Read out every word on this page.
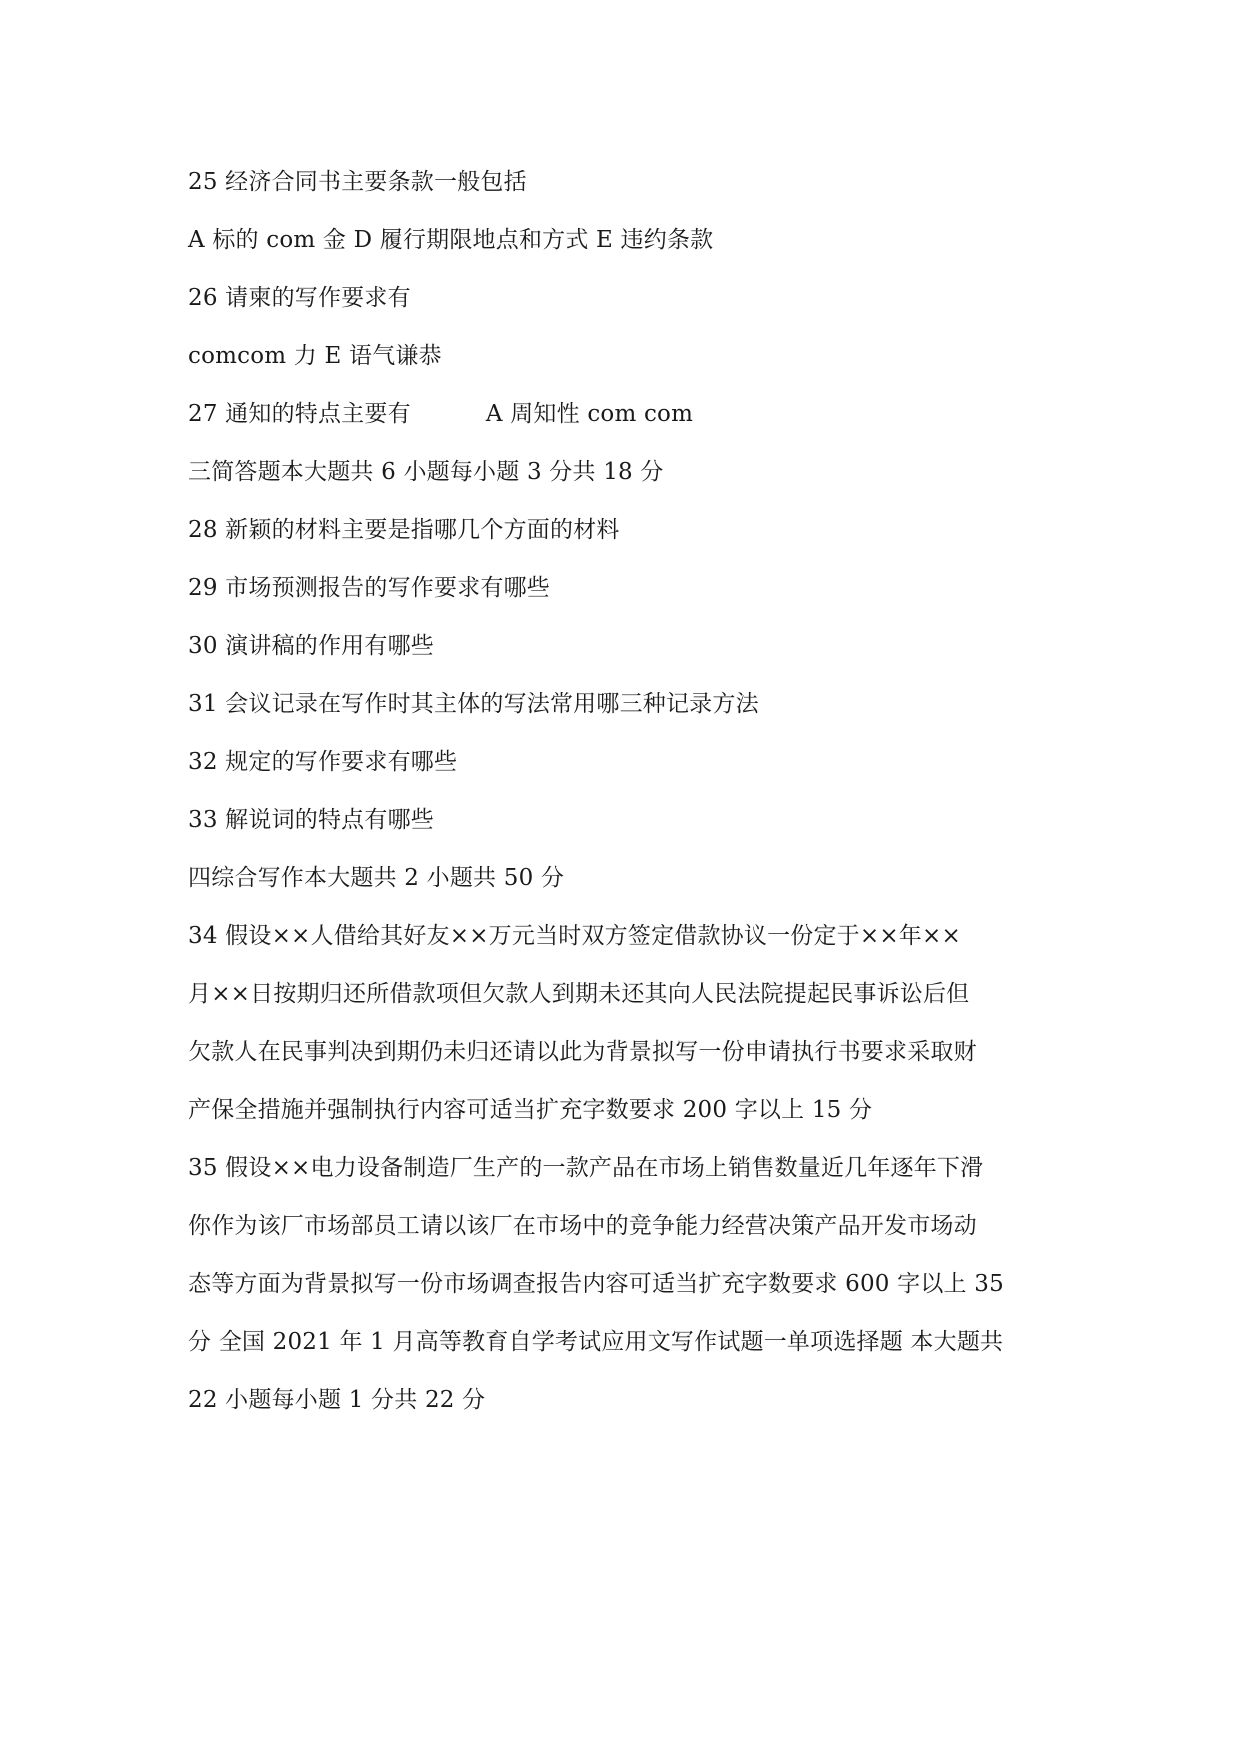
25 经济合同书主要条款一般包括
A 标的 com 金 D 履行期限地点和方式 E 违约条款
26 请柬的写作要求有
comcom 力 E 语气谦恭
27 通知的特点主要有          A 周知性 com com
三简答题本大题共 6 小题每小题 3 分共 18 分
28 新颖的材料主要是指哪几个方面的材料
29 市场预测报告的写作要求有哪些
30 演讲稿的作用有哪些
31 会议记录在写作时其主体的写法常用哪三种记录方法
32 规定的写作要求有哪些
33 解说词的特点有哪些
四综合写作本大题共 2 小题共 50 分
34 假设××人借给其好友××万元当时双方签定借款协议一份定于××年××
月××日按期归还所借款项但欠款人到期未还其向人民法院提起民事诉讼后但
欠款人在民事判决到期仍未归还请以此为背景拟写一份申请执行书要求采取财
产保全措施并强制执行内容可适当扩充字数要求 200 字以上 15 分
35 假设××电力设备制造厂生产的一款产品在市场上销售数量近几年逐年下滑
你作为该厂市场部员工请以该厂在市场中的竞争能力经营决策产品开发市场动
态等方面为背景拟写一份市场调查报告内容可适当扩充字数要求 600 字以上 35
分 全国 2021 年 1 月高等教育自学考试应用文写作试题一单项选择题 本大题共
22 小题每小题 1 分共 22 分
